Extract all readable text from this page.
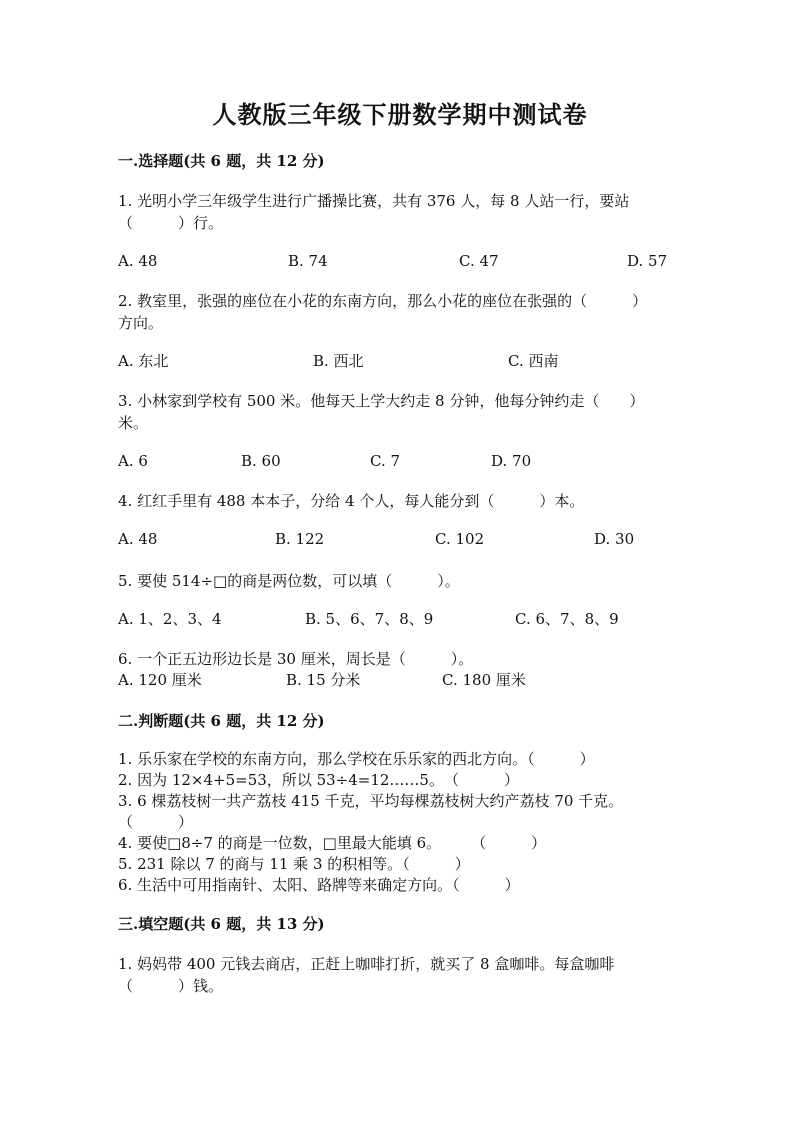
人教版三年级下册数学期中测试卷
一.选择题(共 6 题，共 12 分)
1. 光明小学三年级学生进行广播操比赛，共有 376 人，每 8 人站一行，要站
（　　　）行。
A. 48	B. 74	C. 47	D. 57
2. 教室里，张强的座位在小花的东南方向，那么小花的座位在张强的（　　　）
方向。
A. 东北	B. 西北	C. 西南
3. 小林家到学校有 500 米。他每天上学大约走 8 分钟，他每分钟约走（　　）
米。
A. 6	B. 60	C. 7	D. 70
4. 红红手里有 488 本本子，分给 4 个人，每人能分到（　　　）本。
A. 48	B. 122	C. 102	D. 30
5. 要使 514÷□的商是两位数，可以填（　　　）。
A. 1、2、3、4	B. 5、6、7、8、9	C. 6、7、8、9
6. 一个正五边形边长是 30 厘米，周长是（　　　）。
A. 120 厘米	B. 15 分米	C. 180 厘米
二.判断题(共 6 题，共 12 分)
1. 乐乐家在学校的东南方向，那么学校在乐乐家的西北方向。（　　　）
2. 因为 12×4+5=53，所以 53÷4=12……5。　（　　　）
3. 6 棵荔枝树一共产荔枝 415 千克，平均每棵荔枝树大约产荔枝 70 千克。
（　　　）
4. 要使□8÷7 的商是一位数，□里最大能填 6。　　　（　　　）
5. 231 除以 7 的商与 11 乘 3 的积相等。（　　　）
6. 生活中可用指南针、太阳、路牌等来确定方向。（　　　）
三.填空题(共 6 题，共 13 分)
1. 妈妈带 400 元钱去商店，正赶上咖啡打折，就买了 8 盒咖啡。每盒咖啡
（　　　）钱。
